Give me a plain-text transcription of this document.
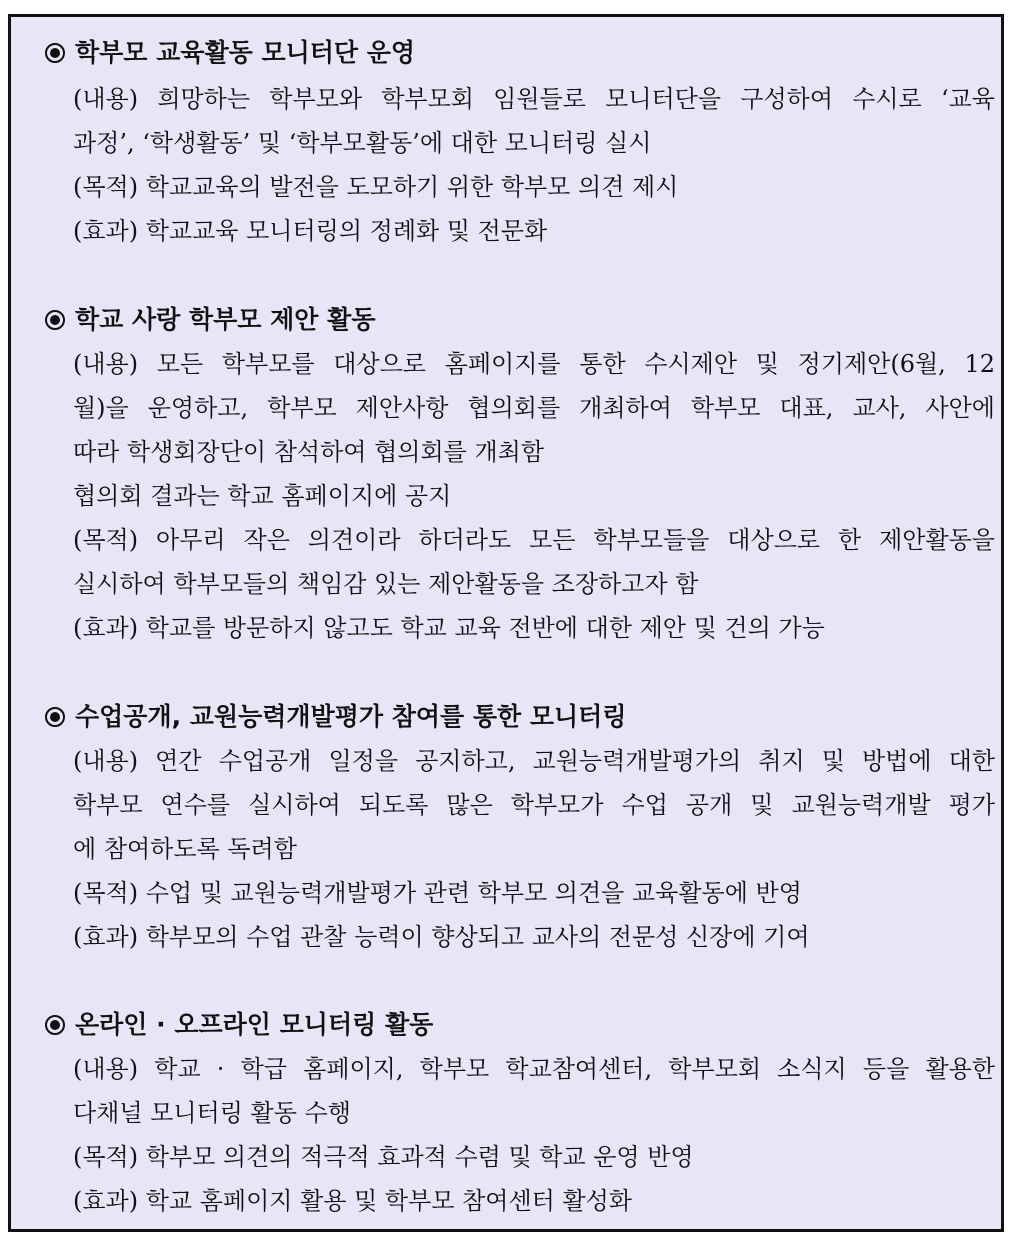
학부모 교육활동 모니터단 운영
(내용) 희망하는 학부모와 학부모회 임원들로 모니터단을 구성하여 수시로 ‘교육
과정’, ‘학생활동’ 및 ‘학부모활동’에 대한 모니터링 실시
(목적) 학교교육의 발전을 도모하기 위한 학부모 의견 제시
(효과) 학교교육 모니터링의 정례화 및 전문화
학교 사랑 학부모 제안 활동
(내용) 모든 학부모를 대상으로 홈페이지를 통한 수시제안 및 정기제안(6월, 12
월)을 운영하고, 학부모 제안사항 협의회를 개최하여 학부모 대표, 교사, 사안에
따라 학생회장단이 참석하여 협의회를 개최함
협의회 결과는 학교 홈페이지에 공지
(목적) 아무리 작은 의견이라 하더라도 모든 학부모들을 대상으로 한 제안활동을
실시하여 학부모들의 책임감 있는 제안활동을 조장하고자 함
(효과) 학교를 방문하지 않고도 학교 교육 전반에 대한 제안 및 건의 가능
수업공개, 교원능력개발평가 참여를 통한 모니터링
(내용) 연간 수업공개 일정을 공지하고, 교원능력개발평가의 취지 및 방법에 대한
학부모 연수를 실시하여 되도록 많은 학부모가 수업 공개 및 교원능력개발 평가
에 참여하도록 독려함
(목적) 수업 및 교원능력개발평가 관련 학부모 의견을 교육활동에 반영
(효과) 학부모의 수업 관찰 능력이 향상되고 교사의 전문성 신장에 기여
온라인 · 오프라인 모니터링 활동
(내용) 학교 · 학급 홈페이지, 학부모 학교참여센터, 학부모회 소식지 등을 활용한
다채널 모니터링 활동 수행
(목적) 학부모 의견의 적극적 효과적 수렴 및 학교 운영 반영
(효과) 학교 홈페이지 활용 및 학부모 참여센터 활성화
